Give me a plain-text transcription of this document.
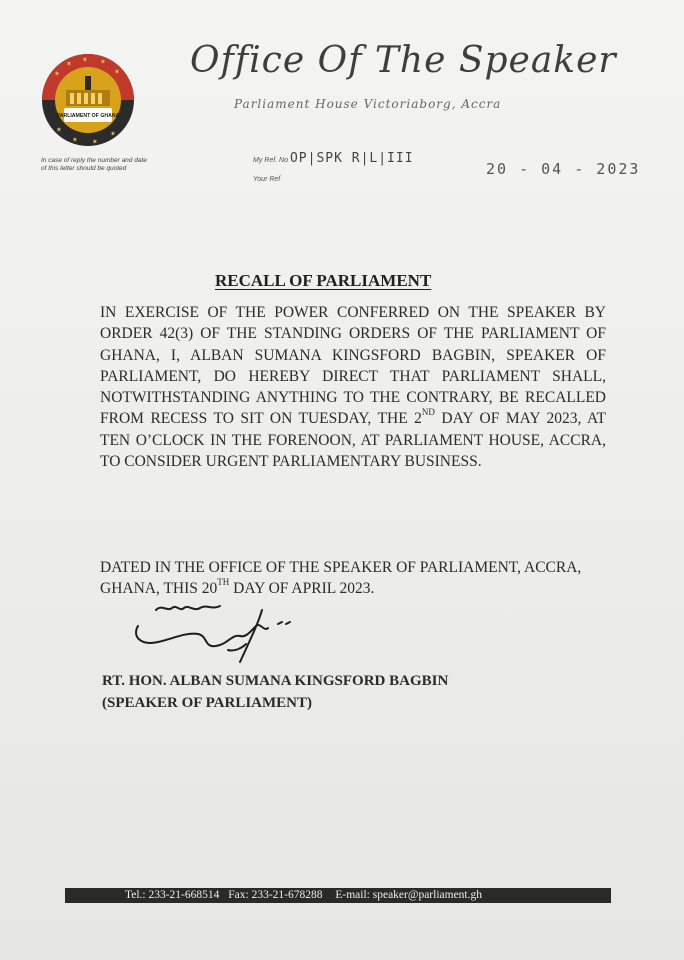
PARLIAMENT OF GHANA
✶
✶ ✶ ✶
✶
✶
✶ ✶
✶
In case of reply the number and date of this letter should be quoted
Office Of The Speaker
Parliament House Victoriaborg, Accra
My Ref. No OP|SPK R|L|III
Your Ref
20 - 04 - 2023
RECALL OF PARLIAMENT
IN EXERCISE OF THE POWER CONFERRED ON THE SPEAKER BY ORDER 42(3) OF THE STANDING ORDERS OF THE PARLIAMENT OF GHANA, I, ALBAN SUMANA KINGSFORD BAGBIN, SPEAKER OF PARLIAMENT, DO HEREBY DIRECT THAT PARLIAMENT SHALL, NOTWITHSTANDING ANYTHING TO THE CONTRARY, BE RECALLED FROM RECESS TO SIT ON TUESDAY, THE 2ND DAY OF MAY 2023, AT TEN O’CLOCK IN THE FORENOON, AT PARLIAMENT HOUSE, ACCRA, TO CONSIDER URGENT PARLIAMENTARY BUSINESS.
DATED IN THE OFFICE OF THE SPEAKER OF PARLIAMENT, ACCRA, GHANA, THIS 20TH DAY OF APRIL 2023.
RT. HON. ALBAN SUMANA KINGSFORD BAGBIN
(SPEAKER OF PARLIAMENT)
Tel.: 233-21-668514 Fax: 233-21-678288 E-mail: speaker@parliament.gh
